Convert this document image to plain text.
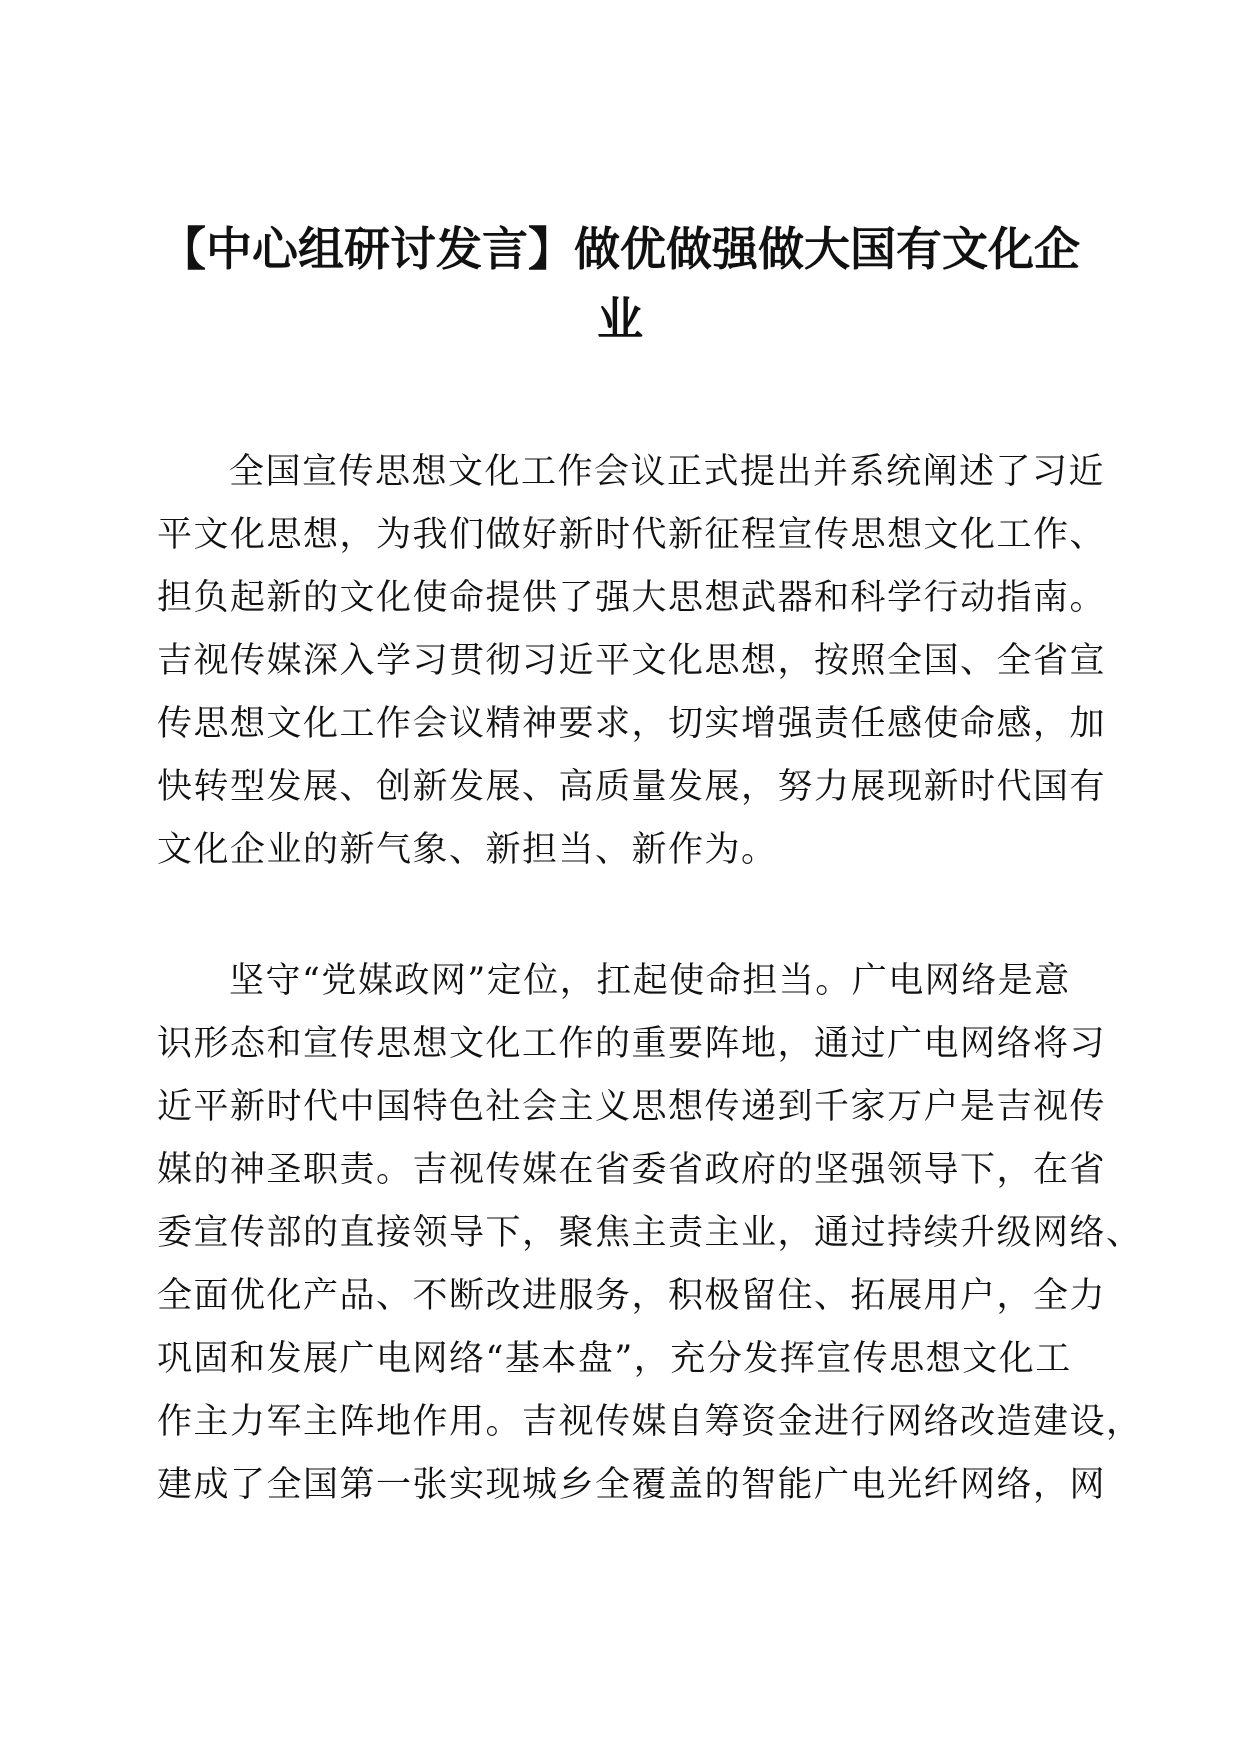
【中心组研讨发言】做优做强做大国有文化企
业
全国宣传思想文化工作会议正式提出并系统阐述了习近
平文化思想，为我们做好新时代新征程宣传思想文化工作、
担负起新的文化使命提供了强大思想武器和科学行动指南。
吉视传媒深入学习贯彻习近平文化思想，按照全国、全省宣
传思想文化工作会议精神要求，切实增强责任感使命感，加
快转型发展、创新发展、高质量发展，努力展现新时代国有
文化企业的新气象、新担当、新作为。
坚守“党媒政网”定位，扛起使命担当。广电网络是意
识形态和宣传思想文化工作的重要阵地，通过广电网络将习
近平新时代中国特色社会主义思想传递到千家万户是吉视传
媒的神圣职责。吉视传媒在省委省政府的坚强领导下，在省
委宣传部的直接领导下，聚焦主责主业，通过持续升级网络、
全面优化产品、不断改进服务，积极留住、拓展用户，全力
巩固和发展广电网络“基本盘”，充分发挥宣传思想文化工
作主力军主阵地作用。吉视传媒自筹资金进行网络改造建设，
建成了全国第一张实现城乡全覆盖的智能广电光纤网络，网
